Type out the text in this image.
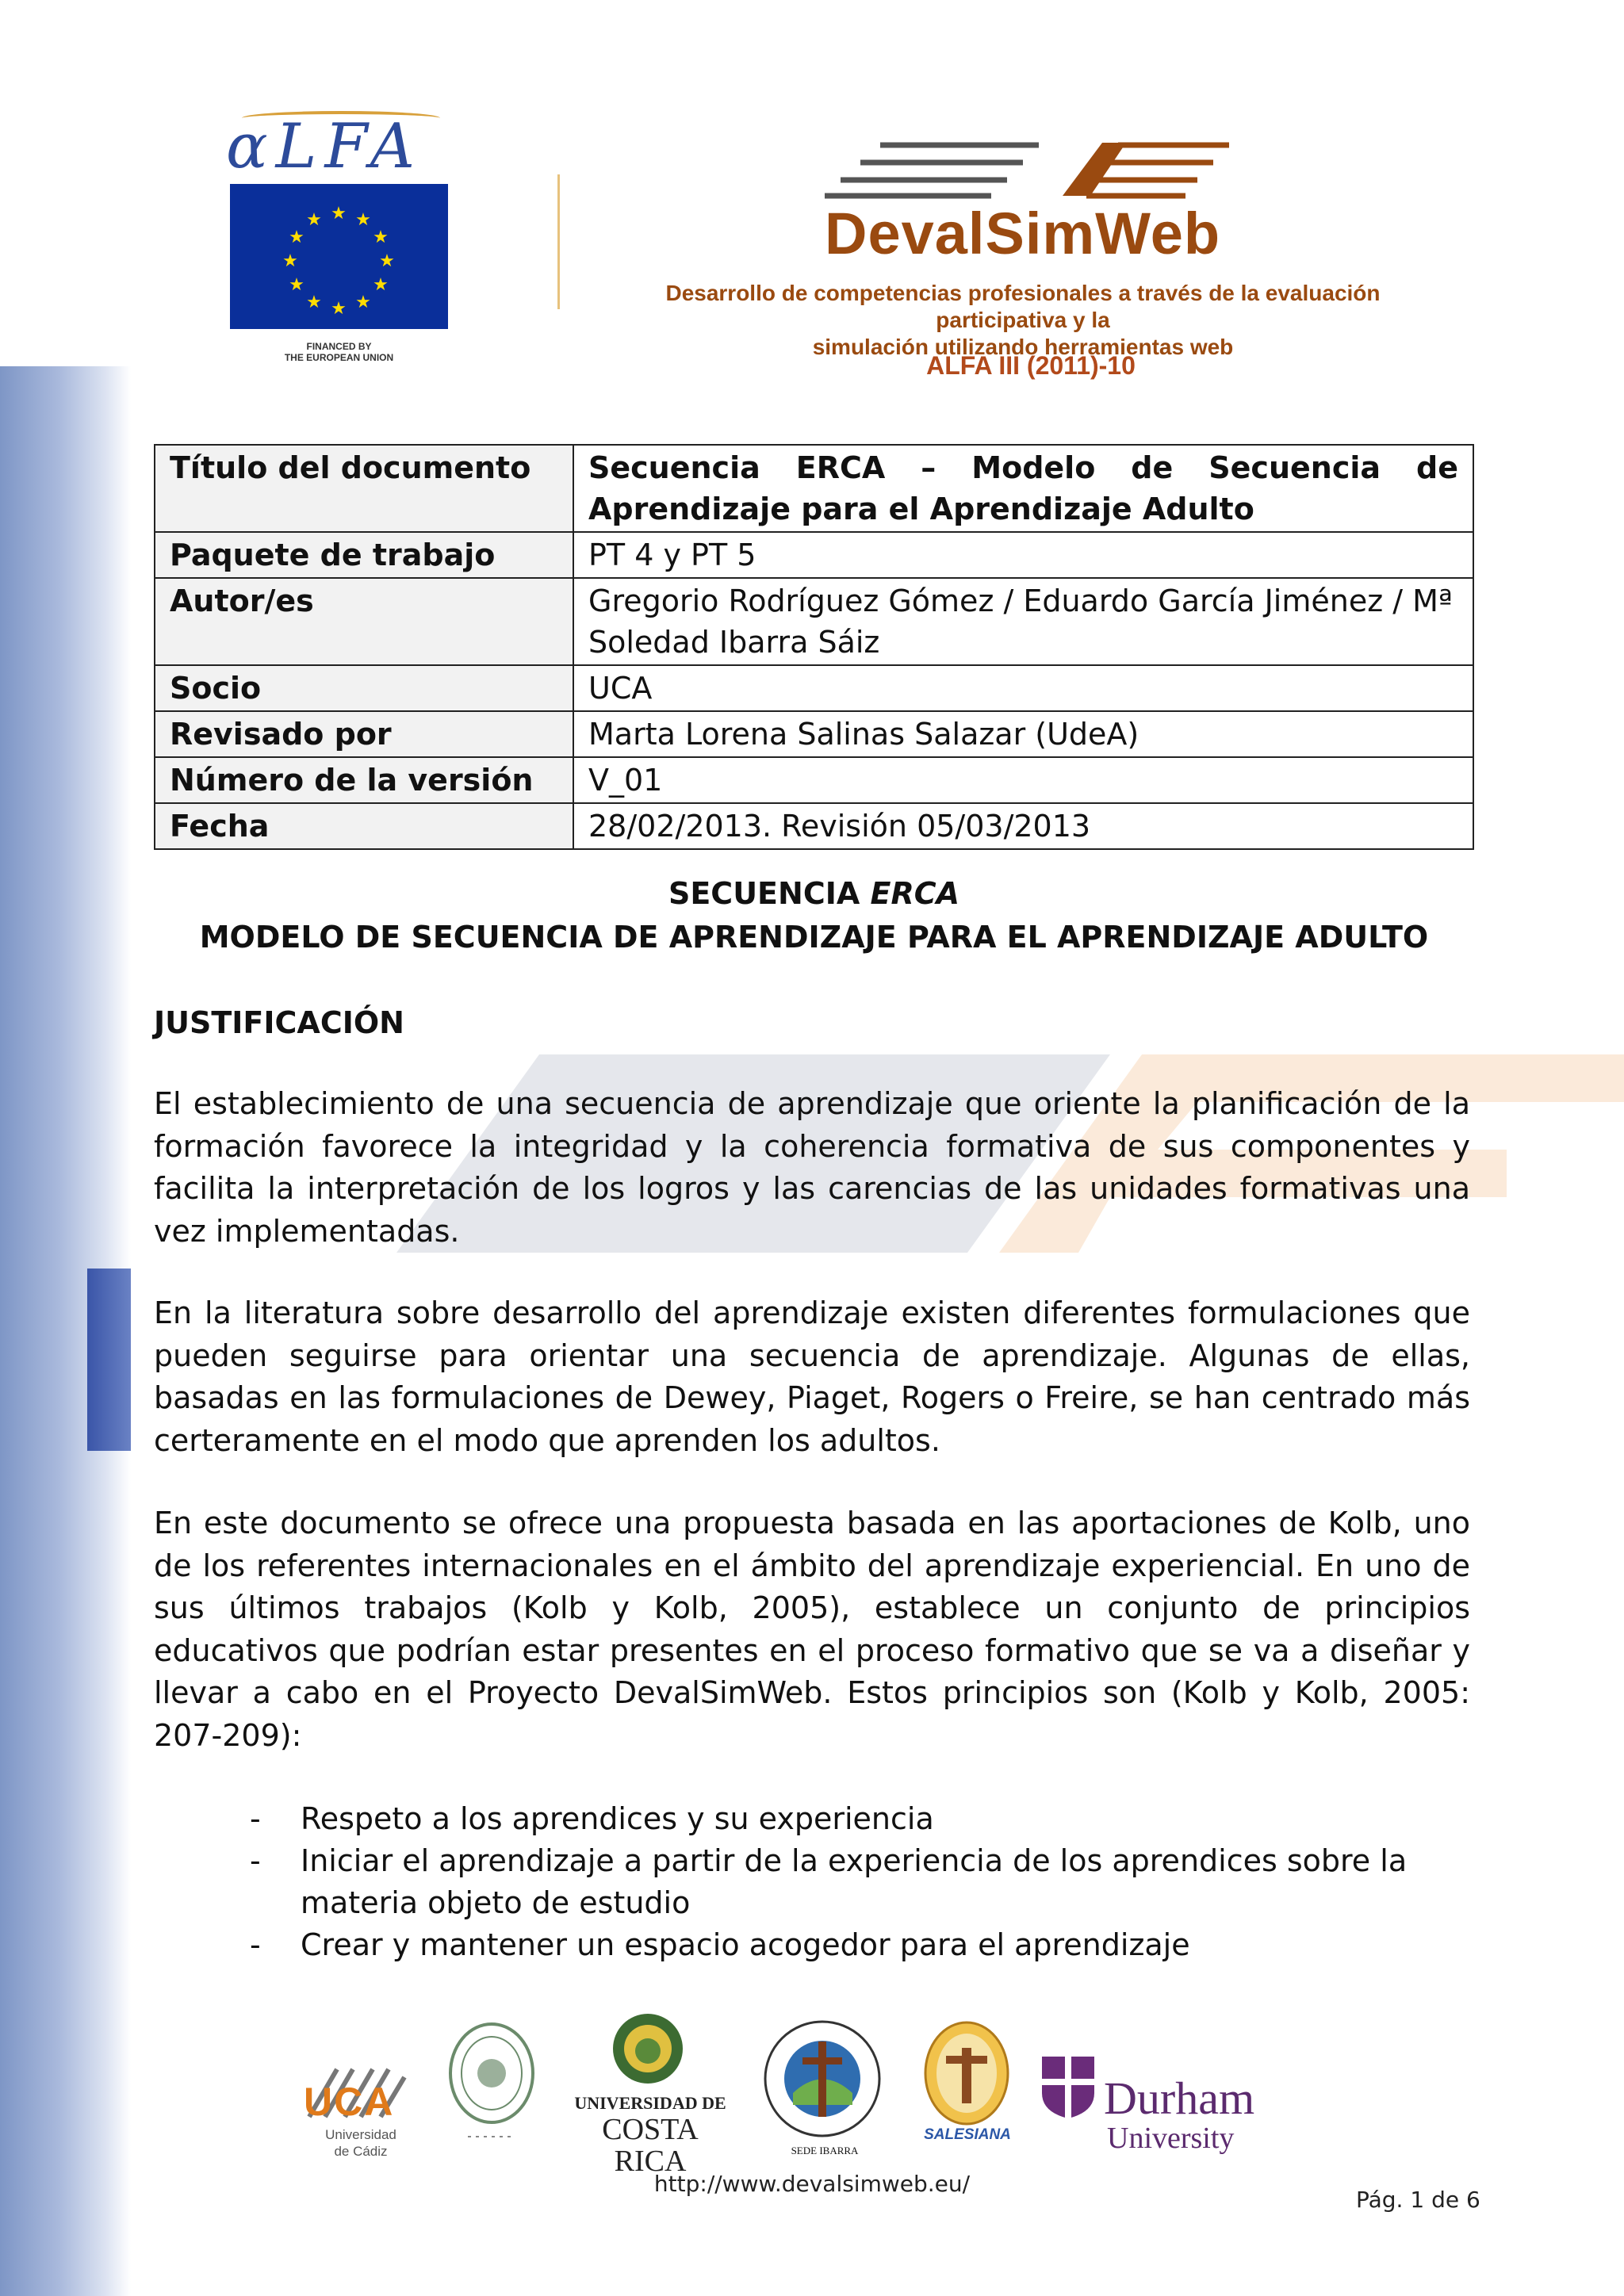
αLFA
★ ★
★
★
★
★
★
★
★
★
★
★
FINANCED BY
THE EUROPEAN UNION
DevalSimWeb
Desarrollo de competencias profesionales a través de la evaluación participativa y la
simulación utilizando herramientas web
ALFA III (2011)-10
Título del documento	Secuencia ERCA – Modelo de Secuencia de Aprendizaje para el Aprendizaje Adulto
Paquete de trabajo	PT 4 y PT 5
Autor/es	Gregorio Rodríguez Gómez / Eduardo García Jiménez / Mª Soledad Ibarra Sáiz
Socio	UCA
Revisado por	Marta Lorena Salinas Salazar (UdeA)
Número de la versión	V_01
Fecha	28/02/2013. Revisión 05/03/2013
SECUENCIA ERCA
MODELO DE SECUENCIA DE APRENDIZAJE PARA EL APRENDIZAJE ADULTO
JUSTIFICACIÓN
El establecimiento de una secuencia de aprendizaje que oriente la planificación de la formación favorece la integridad y la coherencia formativa de sus componentes y facilita la interpretación de los logros y las carencias de las unidades formativas una vez implementadas.
En la literatura sobre desarrollo del aprendizaje existen diferentes formulaciones que pueden seguirse para orientar una secuencia de aprendizaje. Algunas de ellas, basadas en las formulaciones de Dewey, Piaget, Rogers o Freire, se han centrado más certeramente en el modo que aprenden los adultos.
En este documento se ofrece una propuesta basada en las aportaciones de Kolb, uno de los referentes internacionales en el ámbito del aprendizaje experiencial. En uno de sus últimos trabajos (Kolb y Kolb, 2005), establece un conjunto de principios educativos que podrían estar presentes en el proceso formativo que se va a diseñar y llevar a cabo en el Proyecto DevalSimWeb. Estos principios son (Kolb y Kolb, 2005: 207-209):
- Respeto a los aprendices y su experiencia
- Iniciar el aprendizaje a partir de la experiencia de los aprendices sobre la materia objeto de estudio
- Crear y mantener un espacio acogedor para el aprendizaje
UCA
Universidad
de Cádiz
UNIVERSIDAD DE
COSTA RICA	SEDE IBARRA
SALESIANA
Durham
University
http://www.devalsimweb.eu/
Pág. 1 de 6
